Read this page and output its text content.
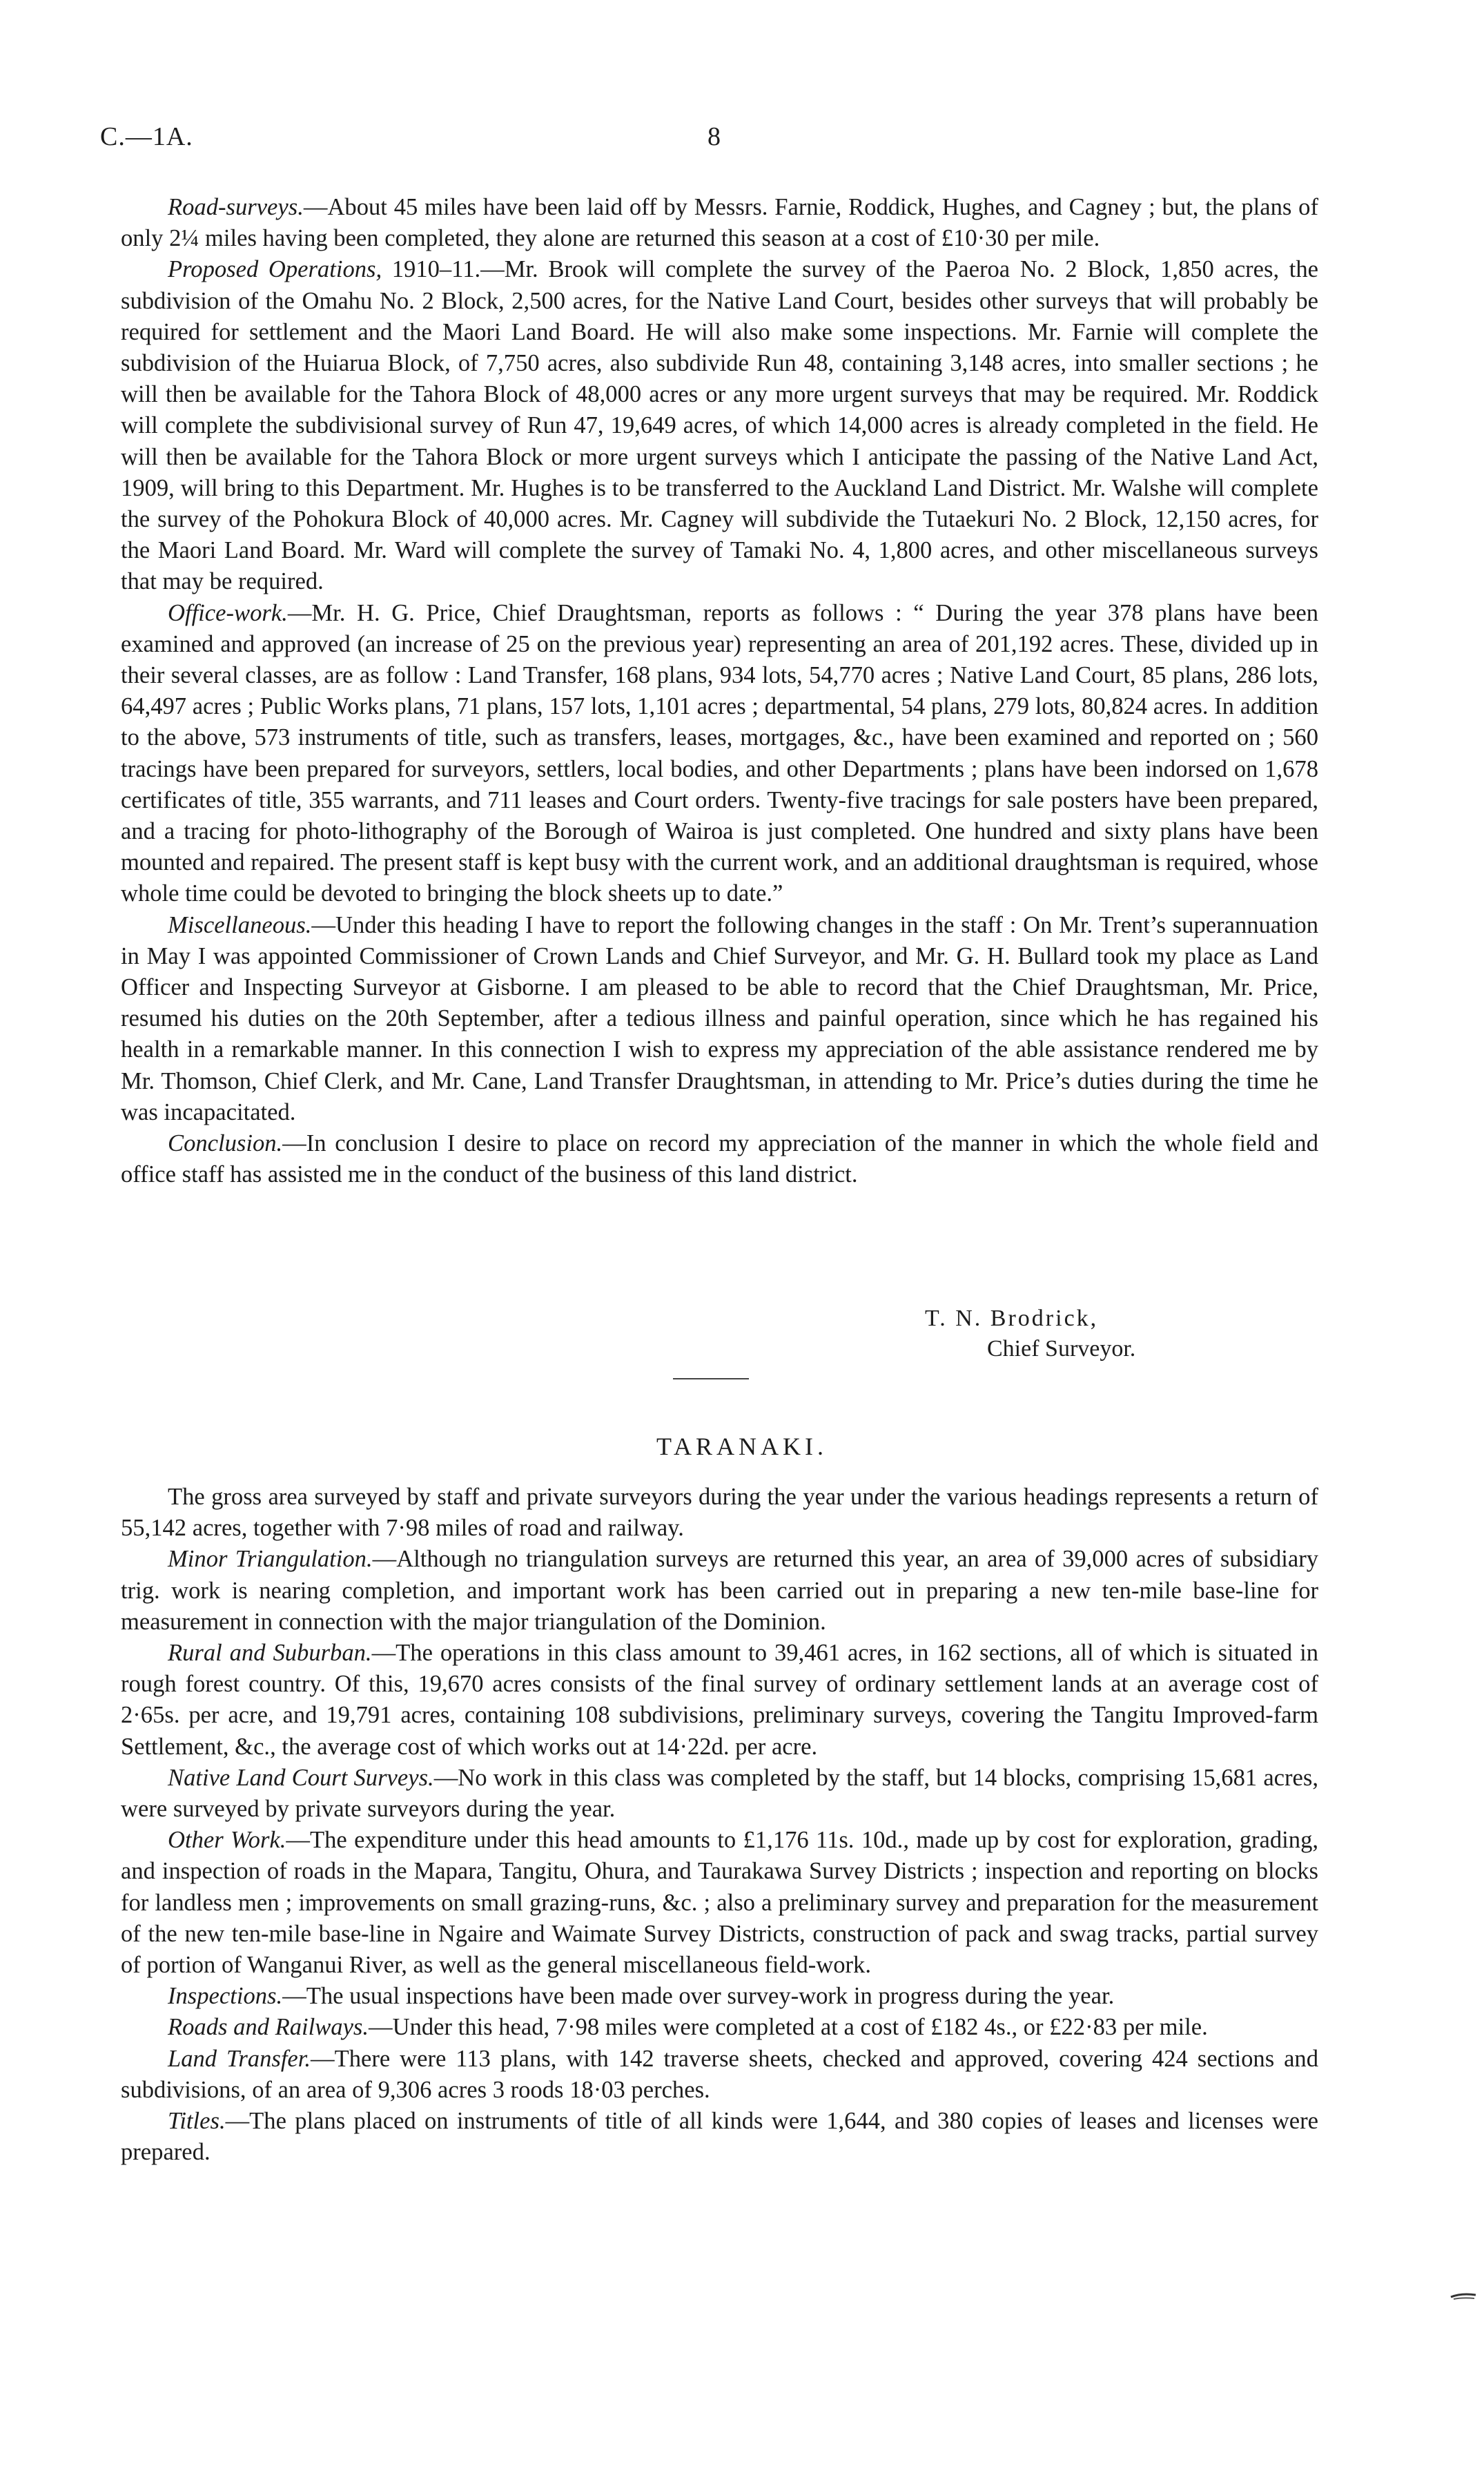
C.—1A.	8

Road-surveys.—About 45 miles have been laid off by Messrs. Farnie, Roddick, Hughes, and Cagney ; but, the plans of only 2¼ miles having been completed, they alone are returned this season at a cost of £10·30 per mile.

Proposed Operations, 1910–11.—Mr. Brook will complete the survey of the Paeroa No. 2 Block, 1,850 acres, the subdivision of the Omahu No. 2 Block, 2,500 acres, for the Native Land Court, besides other surveys that will probably be required for settlement and the Maori Land Board. He will also make some inspections. Mr. Farnie will complete the subdivision of the Huiarua Block, of 7,750 acres, also subdivide Run 48, containing 3,148 acres, into smaller sections ; he will then be available for the Tahora Block of 48,000 acres or any more urgent surveys that may be required. Mr. Roddick will complete the subdivisional survey of Run 47, 19,649 acres, of which 14,000 acres is already completed in the field. He will then be available for the Tahora Block or more urgent surveys which I anticipate the passing of the Native Land Act, 1909, will bring to this Department. Mr. Hughes is to be transferred to the Auckland Land District. Mr. Walshe will complete the survey of the Pohokura Block of 40,000 acres. Mr. Cagney will subdivide the Tutaekuri No. 2 Block, 12,150 acres, for the Maori Land Board. Mr. Ward will complete the survey of Tamaki No. 4, 1,800 acres, and other miscellaneous surveys that may be required.

Office-work.—Mr. H. G. Price, Chief Draughtsman, reports as follows : “ During the year 378 plans have been examined and approved (an increase of 25 on the previous year) representing an area of 201,192 acres. These, divided up in their several classes, are as follow : Land Transfer, 168 plans, 934 lots, 54,770 acres ; Native Land Court, 85 plans, 286 lots, 64,497 acres ; Public Works plans, 71 plans, 157 lots, 1,101 acres ; departmental, 54 plans, 279 lots, 80,824 acres. In addition to the above, 573 instruments of title, such as transfers, leases, mortgages, &c., have been examined and reported on ; 560 tracings have been prepared for surveyors, settlers, local bodies, and other Departments ; plans have been indorsed on 1,678 certificates of title, 355 warrants, and 711 leases and Court orders. Twenty-five tracings for sale posters have been prepared, and a tracing for photo-lithography of the Borough of Wairoa is just completed. One hundred and sixty plans have been mounted and repaired. The present staff is kept busy with the current work, and an additional draughtsman is required, whose whole time could be devoted to bringing the block sheets up to date.”

Miscellaneous.—Under this heading I have to report the following changes in the staff : On Mr. Trent’s superannuation in May I was appointed Commissioner of Crown Lands and Chief Surveyor, and Mr. G. H. Bullard took my place as Land Officer and Inspecting Surveyor at Gisborne. I am pleased to be able to record that the Chief Draughtsman, Mr. Price, resumed his duties on the 20th September, after a tedious illness and painful operation, since which he has regained his health in a remarkable manner. In this connection I wish to express my appreciation of the able assistance rendered me by Mr. Thomson, Chief Clerk, and Mr. Cane, Land Transfer Draughtsman, in attending to Mr. Price’s duties during the time he was incapacitated.

Conclusion.—In conclusion I desire to place on record my appreciation of the manner in which the whole field and office staff has assisted me in the conduct of the business of this land district.

T. N. Brodrick,
Chief Surveyor.
TARANAKI.

The gross area surveyed by staff and private surveyors during the year under the various headings represents a return of 55,142 acres, together with 7·98 miles of road and railway.

Minor Triangulation.—Although no triangulation surveys are returned this year, an area of 39,000 acres of subsidiary trig. work is nearing completion, and important work has been carried out in preparing a new ten-mile base-line for measurement in connection with the major triangulation of the Dominion.

Rural and Suburban.—The operations in this class amount to 39,461 acres, in 162 sections, all of which is situated in rough forest country. Of this, 19,670 acres consists of the final survey of ordinary settlement lands at an average cost of 2·65s. per acre, and 19,791 acres, containing 108 subdivisions, preliminary surveys, covering the Tangitu Improved-farm Settlement, &c., the average cost of which works out at 14·22d. per acre.

Native Land Court Surveys.—No work in this class was completed by the staff, but 14 blocks, comprising 15,681 acres, were surveyed by private surveyors during the year.

Other Work.—The expenditure under this head amounts to £1,176 11s. 10d., made up by cost for exploration, grading, and inspection of roads in the Mapara, Tangitu, Ohura, and Taurakawa Survey Districts ; inspection and reporting on blocks for landless men ; improvements on small grazing-runs, &c. ; also a preliminary survey and preparation for the measurement of the new ten-mile base-line in Ngaire and Waimate Survey Districts, construction of pack and swag tracks, partial survey of portion of Wanganui River, as well as the general miscellaneous field-work.

Inspections.—The usual inspections have been made over survey-work in progress during the year.

Roads and Railways.—Under this head, 7·98 miles were completed at a cost of £182 4s., or £22·83 per mile.

Land Transfer.—There were 113 plans, with 142 traverse sheets, checked and approved, covering 424 sections and subdivisions, of an area of 9,306 acres 3 roods 18·03 perches.

Titles.—The plans placed on instruments of title of all kinds were 1,644, and 380 copies of leases and licenses were prepared.
